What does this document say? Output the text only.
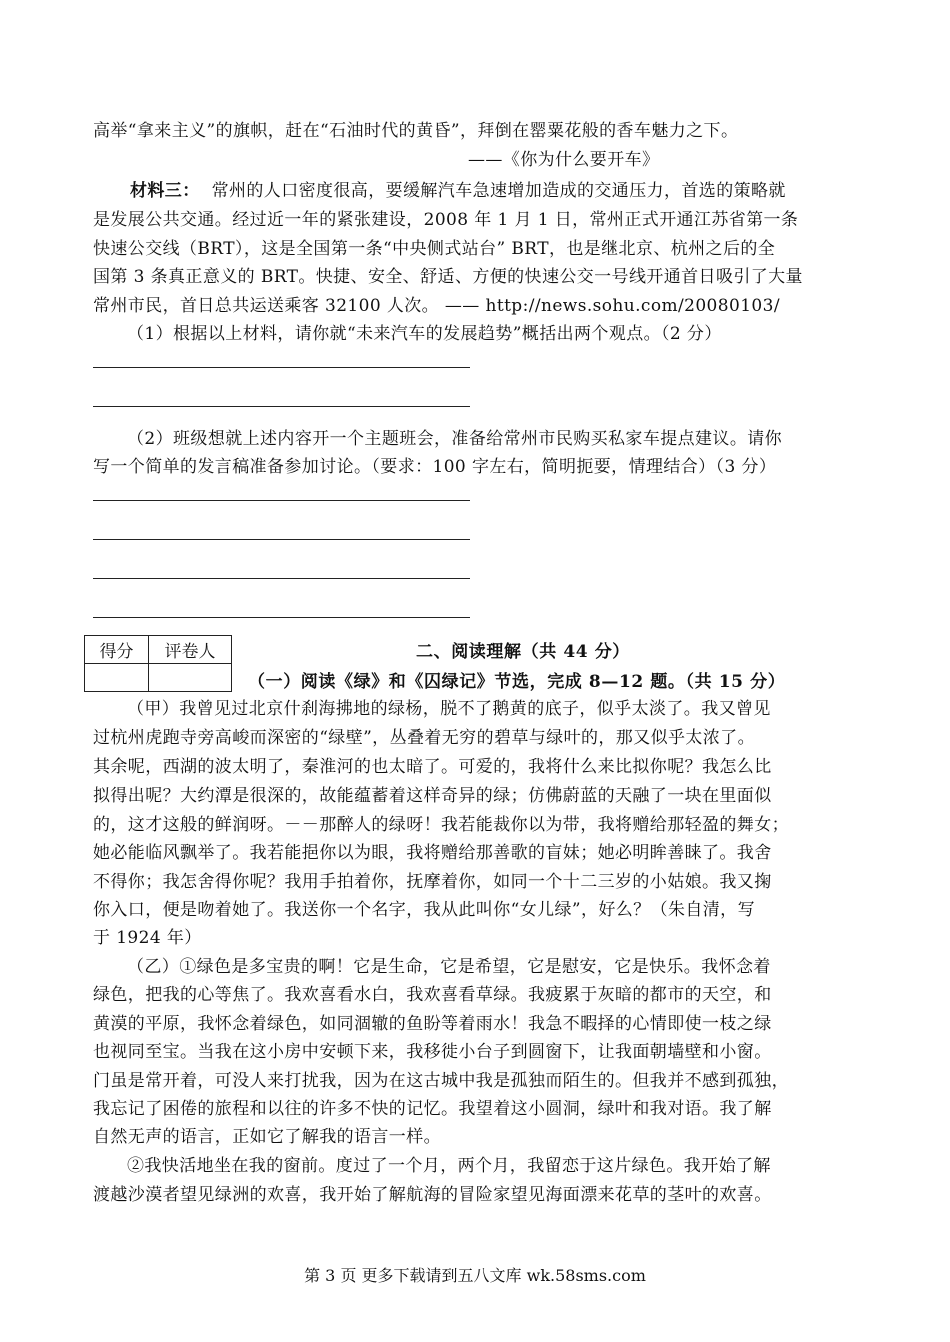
高举“拿来主义”的旗帜，赶在“石油时代的黄昏”，拜倒在罂粟花般的香车魅力之下。
——《你为什么要开车》
材料三： 常州的人口密度很高，要缓解汽车急速增加造成的交通压力，首选的策略就
是发展公共交通。经过近一年的紧张建设，2008 年 1 月 1 日，常州正式开通江苏省第一条
快速公交线（BRT），这是全国第一条“中央侧式站台” BRT，也是继北京、杭州之后的全
国第 3 条真正意义的 BRT。快捷、安全、舒适、方便的快速公交一号线开通首日吸引了大量
常州市民，首日总共运送乘客 32100 人次。 —— http://news.sohu.com/20080103/
（1）根据以上材料，请你就“未来汽车的发展趋势”概括出两个观点。（2 分）
（2）班级想就上述内容开一个主题班会，准备给常州市民购买私家车提点建议。请你
写一个简单的发言稿准备参加讨论。（要求：100 字左右，简明扼要，情理结合）（3 分）
得分	评卷人
		二、阅读理解（共 44 分）
（一）阅读《绿》和《囚绿记》节选，完成 8—12 题。（共 15 分）
（甲）我曾见过北京什刹海拂地的绿杨，脱不了鹅黄的底子，似乎太淡了。我又曾见
过杭州虎跑寺旁高峻而深密的“绿壁”，丛叠着无穷的碧草与绿叶的，那又似乎太浓了。
其余呢，西湖的波太明了，秦淮河的也太暗了。可爱的，我将什么来比拟你呢？我怎么比
拟得出呢？大约潭是很深的，故能蕴蓄着这样奇异的绿；仿佛蔚蓝的天融了一块在里面似
的，这才这般的鲜润呀。－－那醉人的绿呀！我若能裁你以为带，我将赠给那轻盈的舞女；
她必能临风飘举了。我若能挹你以为眼，我将赠给那善歌的盲妹；她必明眸善睐了。我舍
不得你；我怎舍得你呢？我用手拍着你，抚摩着你，如同一个十二三岁的小姑娘。我又掬
你入口，便是吻着她了。我送你一个名字，我从此叫你“女儿绿”，好么？（朱自清，写
于 1924 年）
（乙）①绿色是多宝贵的啊！它是生命，它是希望，它是慰安，它是快乐。我怀念着
绿色，把我的心等焦了。我欢喜看水白，我欢喜看草绿。我疲累于灰暗的都市的天空，和
黄漠的平原，我怀念着绿色，如同涸辙的鱼盼等着雨水！我急不暇择的心情即使一枝之绿
也视同至宝。当我在这小房中安顿下来，我移徙小台子到圆窗下，让我面朝墙壁和小窗。
门虽是常开着，可没人来打扰我，因为在这古城中我是孤独而陌生的。但我并不感到孤独，
我忘记了困倦的旅程和以往的许多不快的记忆。我望着这小圆洞，绿叶和我对语。我了解
自然无声的语言，正如它了解我的语言一样。
②我快活地坐在我的窗前。度过了一个月，两个月，我留恋于这片绿色。我开始了解
渡越沙漠者望见绿洲的欢喜，我开始了解航海的冒险家望见海面漂来花草的茎叶的欢喜。
第 3 页 更多下载请到五八文库 wk.58sms.com
